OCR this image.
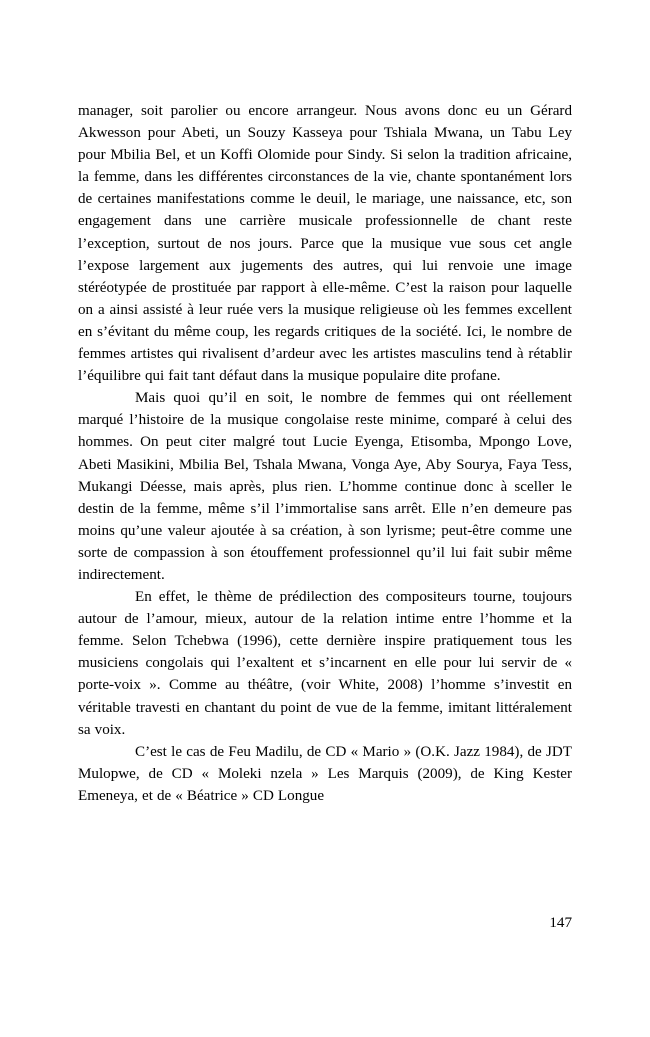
manager, soit parolier ou encore arrangeur. Nous avons donc eu un Gérard Akwesson pour Abeti, un Souzy Kasseya pour Tshiala Mwana, un Tabu Ley pour Mbilia Bel, et un Koffi Olomide pour Sindy. Si selon la tradition africaine, la femme, dans les différentes circonstances de la vie, chante spontanément lors de certaines manifestations comme le deuil, le mariage, une naissance, etc, son engagement dans une carrière musicale professionnelle de chant reste l’exception, surtout de nos jours. Parce que la musique vue sous cet angle l’expose largement aux jugements des autres, qui lui renvoie une image stéréotypée de prostituée par rapport à elle-même. C’est la raison pour laquelle on a ainsi assisté à leur ruée vers la musique religieuse où les femmes excellent en s’évitant du même coup, les regards critiques de la société. Ici, le nombre de femmes artistes qui rivalisent d’ardeur avec les artistes masculins tend à rétablir l’équilibre qui fait tant défaut dans la musique populaire dite profane.

Mais quoi qu’il en soit, le nombre de femmes qui ont réellement marqué l’histoire de la musique congolaise reste minime, comparé à celui des hommes. On peut citer malgré tout Lucie Eyenga, Etisomba, Mpongo Love, Abeti Masikini, Mbilia Bel, Tshala Mwana, Vonga Aye, Aby Sourya, Faya Tess, Mukangi Déesse, mais après, plus rien. L’homme continue donc à sceller le destin de la femme, même s’il l’immortalise sans arrêt. Elle n’en demeure pas moins qu’une valeur ajoutée à sa création, à son lyrisme; peut-être comme une sorte de compassion à son étouffement professionnel qu’il lui fait subir même indirectement.

En effet, le thème de prédilection des compositeurs tourne, toujours autour de l’amour, mieux, autour de la relation intime entre l’homme et la femme. Selon Tchebwa (1996), cette dernière inspire pratiquement tous les musiciens congolais qui l’exaltent et s’incarnent en elle pour lui servir de « porte-voix ». Comme au théâtre, (voir White, 2008) l’homme s’investit en véritable travesti en chantant du point de vue de la femme, imitant littéralement sa voix.

C’est le cas de Feu Madilu, de CD « Mario » (O.K. Jazz 1984), de JDT Mulopwe, de CD « Moleki nzela » Les Marquis (2009), de King Kester Emeneya, et de « Béatrice » CD Longue

147
